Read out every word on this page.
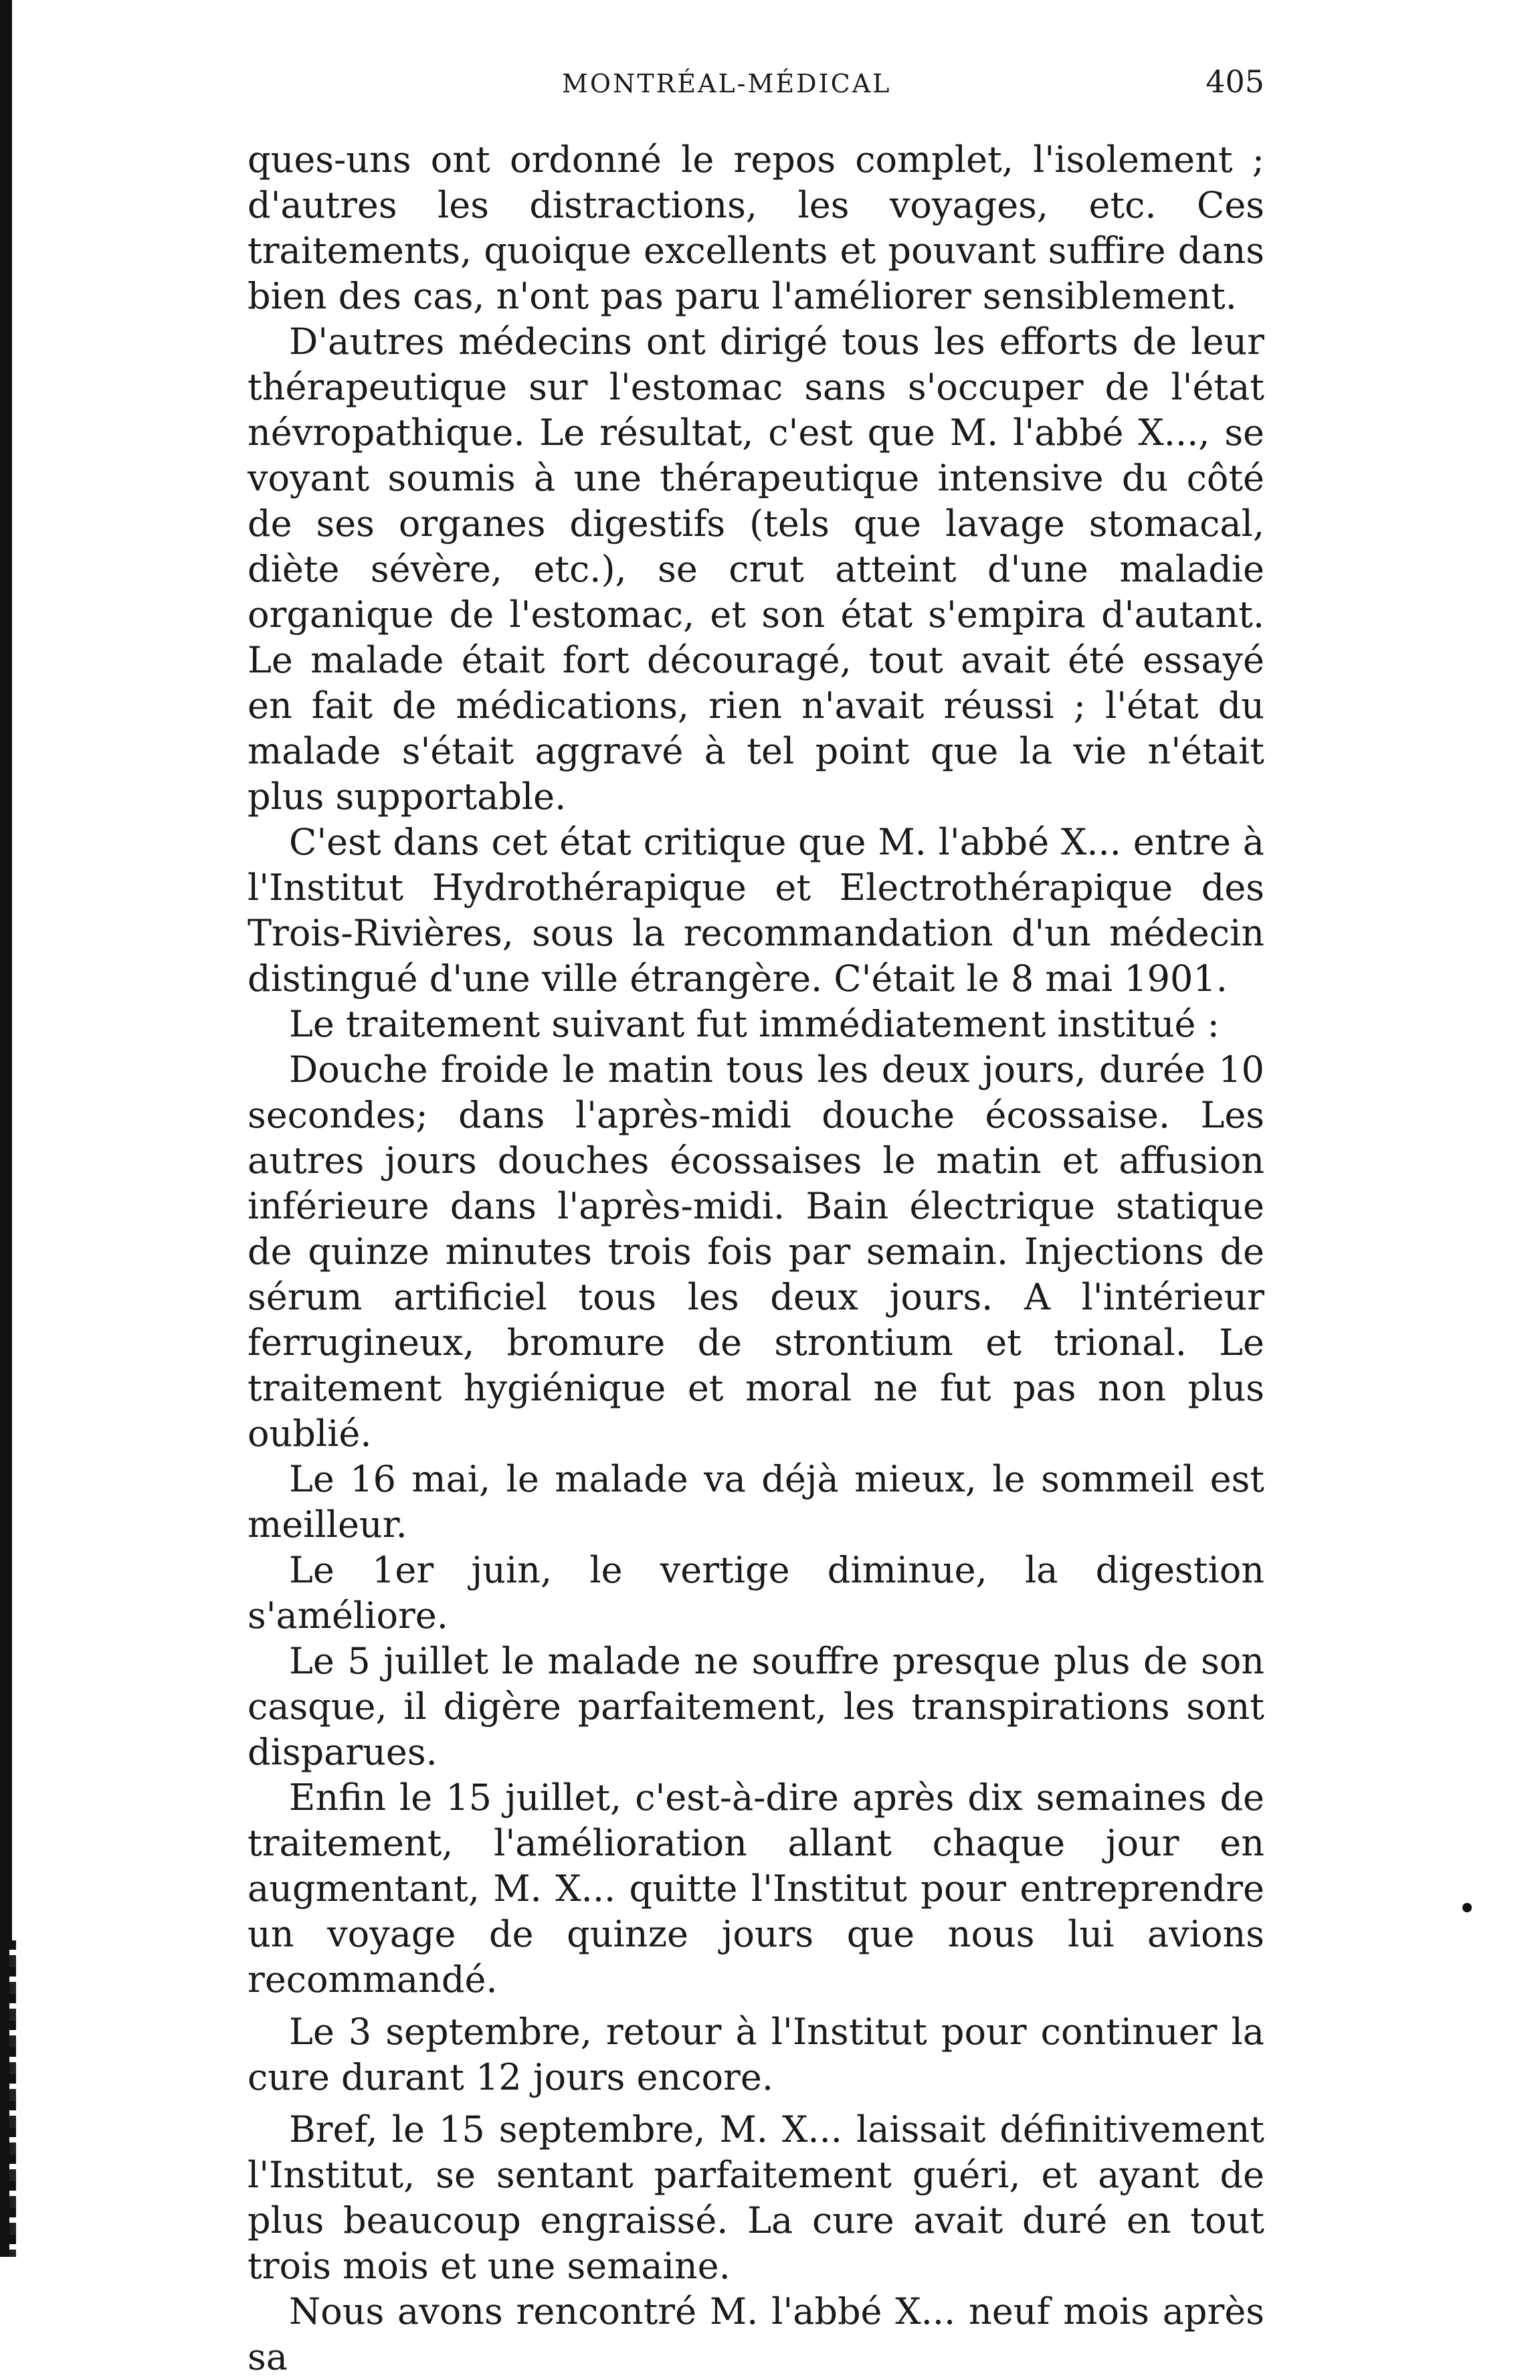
MONTRÉAL-MÉDICAL	405

ques-uns ont ordonné le repos complet, l'isolement ; d'autres les distractions, les voyages, etc. Ces traitements, quoique excellents et pouvant suffire dans bien des cas, n'ont pas paru l'améliorer sensiblement.

D'autres médecins ont dirigé tous les efforts de leur thérapeutique sur l'estomac sans s'occuper de l'état névropathique. Le résultat, c'est que M. l'abbé X..., se voyant soumis à une thérapeutique intensive du côté de ses organes digestifs (tels que lavage stomacal, diète sévère, etc.), se crut atteint d'une maladie organique de l'estomac, et son état s'empira d'autant. Le malade était fort découragé, tout avait été essayé en fait de médications, rien n'avait réussi ; l'état du malade s'était aggravé à tel point que la vie n'était plus supportable.

C'est dans cet état critique que M. l'abbé X... entre à l'Institut Hydrothérapique et Electrothérapique des Trois-Rivières, sous la recommandation d'un médecin distingué d'une ville étrangère. C'était le 8 mai 1901.

Le traitement suivant fut immédiatement institué :

Douche froide le matin tous les deux jours, durée 10 secondes; dans l'après-midi douche écossaise. Les autres jours douches écossaises le matin et affusion inférieure dans l'après-midi. Bain électrique statique de quinze minutes trois fois par semain. Injections de sérum artificiel tous les deux jours. A l'intérieur ferrugineux, bromure de strontium et trional. Le traitement hygiénique et moral ne fut pas non plus oublié.

Le 16 mai, le malade va déjà mieux, le sommeil est meilleur.

Le 1er juin, le vertige diminue, la digestion s'améliore.

Le 5 juillet le malade ne souffre presque plus de son casque, il digère parfaitement, les transpirations sont disparues.

Enfin le 15 juillet, c'est-à-dire après dix semaines de traitement, l'amélioration allant chaque jour en augmentant, M. X... quitte l'Institut pour entreprendre un voyage de quinze jours que nous lui avions recommandé.

Le 3 septembre, retour à l'Institut pour continuer la cure durant 12 jours encore.

Bref, le 15 septembre, M. X... laissait définitivement l'Institut, se sentant parfaitement guéri, et ayant de plus beaucoup engraissé. La cure avait duré en tout trois mois et une semaine.

Nous avons rencontré M. l'abbé X... neuf mois après sa
